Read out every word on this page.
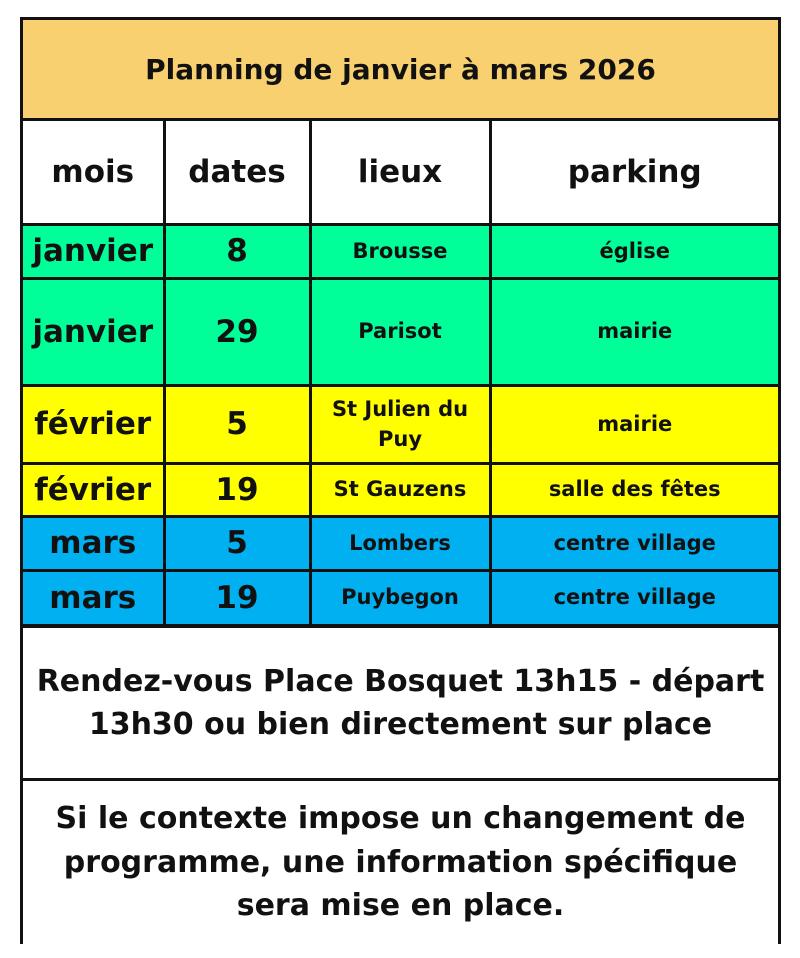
Planning de janvier à mars 2026
mois	dates	lieux	parking
janvier	8	Brousse	église
janvier	29	Parisot	mairie
février	5	St Julien du Puy	mairie
février	19	St Gauzens	salle des fêtes
mars	5	Lombers	centre village
mars	19	Puybegon	centre village
Rendez-vous Place Bosquet 13h15 - départ 13h30 ou bien directement sur place
Si le contexte impose un changement de programme, une information spécifique sera mise en place.
